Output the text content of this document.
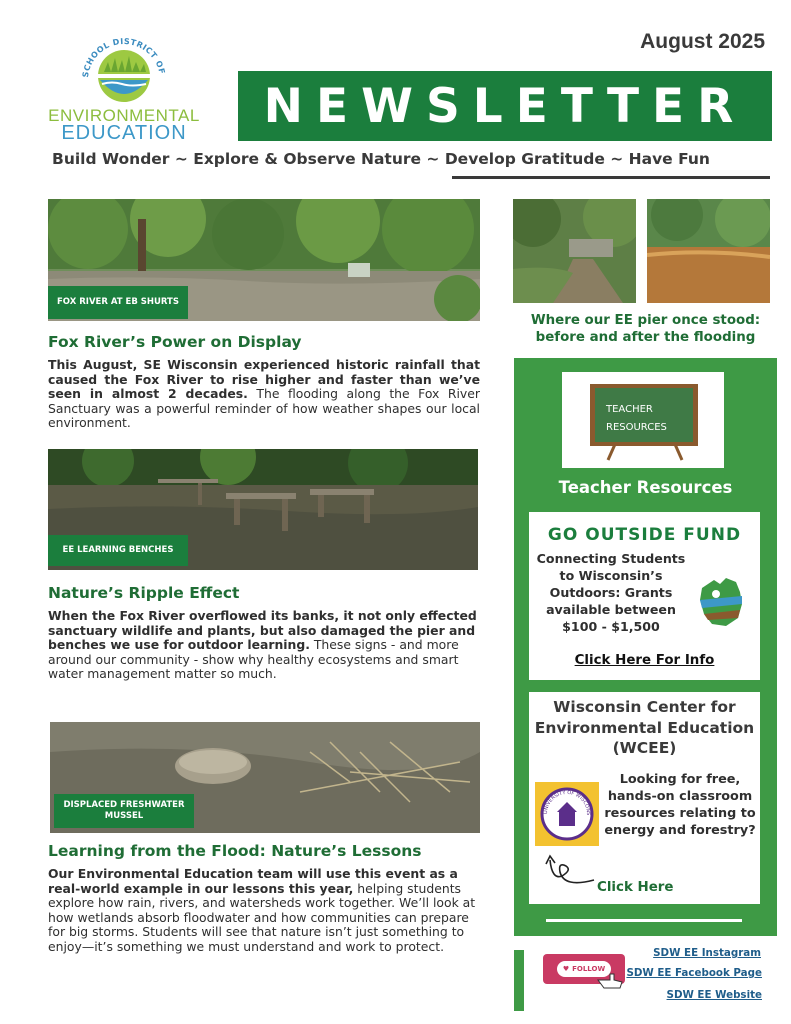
SCHOOL DISTRICT OF
ENVIRONMENTAL
EDUCATION
August 2025
NEWSLETTER
Build Wonder ~ Explore & Observe Nature ~ Develop Gratitude ~ Have Fun
FOX RIVER AT EB SHURTS
Fox River’s Power on Display
This August, SE Wisconsin experienced historic rainfall that caused the Fox River to rise higher and faster than we’ve seen in almost 2 decades. The flooding along the Fox River Sanctuary was a powerful reminder of how weather shapes our local environment.
EE LEARNING BENCHES
Nature’s Ripple Effect
When the Fox River overflowed its banks, it not only effected sanctuary wildlife and plants, but also damaged the pier and benches we use for outdoor learning. These signs - and more around our community - show why healthy ecosystems and smart water management matter so much.
DISPLACED FRESHWATER MUSSEL
Learning from the Flood: Nature’s Lessons
Our Environmental Education team will use this event as a real-world example in our lessons this year, helping students explore how rain, rivers, and watersheds work together. We’ll look at how wetlands absorb floodwater and how communities can prepare for big storms. Students will see that nature isn’t just something to enjoy—it’s something we must understand and work to protect.
Where our EE pier once stood: before and after the flooding
TEACHER
RESOURCES
Teacher Resources
GO OUTSIDE FUND
Connecting Students to Wisconsin’s Outdoors: Grants available between $100 - $1,500
Click Here For Info
Wisconsin Center for Environmental Education (WCEE)
UNIVERSITY OF WISCONS
Looking for free, hands-on classroom resources relating to energy and forestry?
Click Here
♥ FOLLOW
SDW EE Instagram
SDW EE Facebook Page
SDW EE Website
